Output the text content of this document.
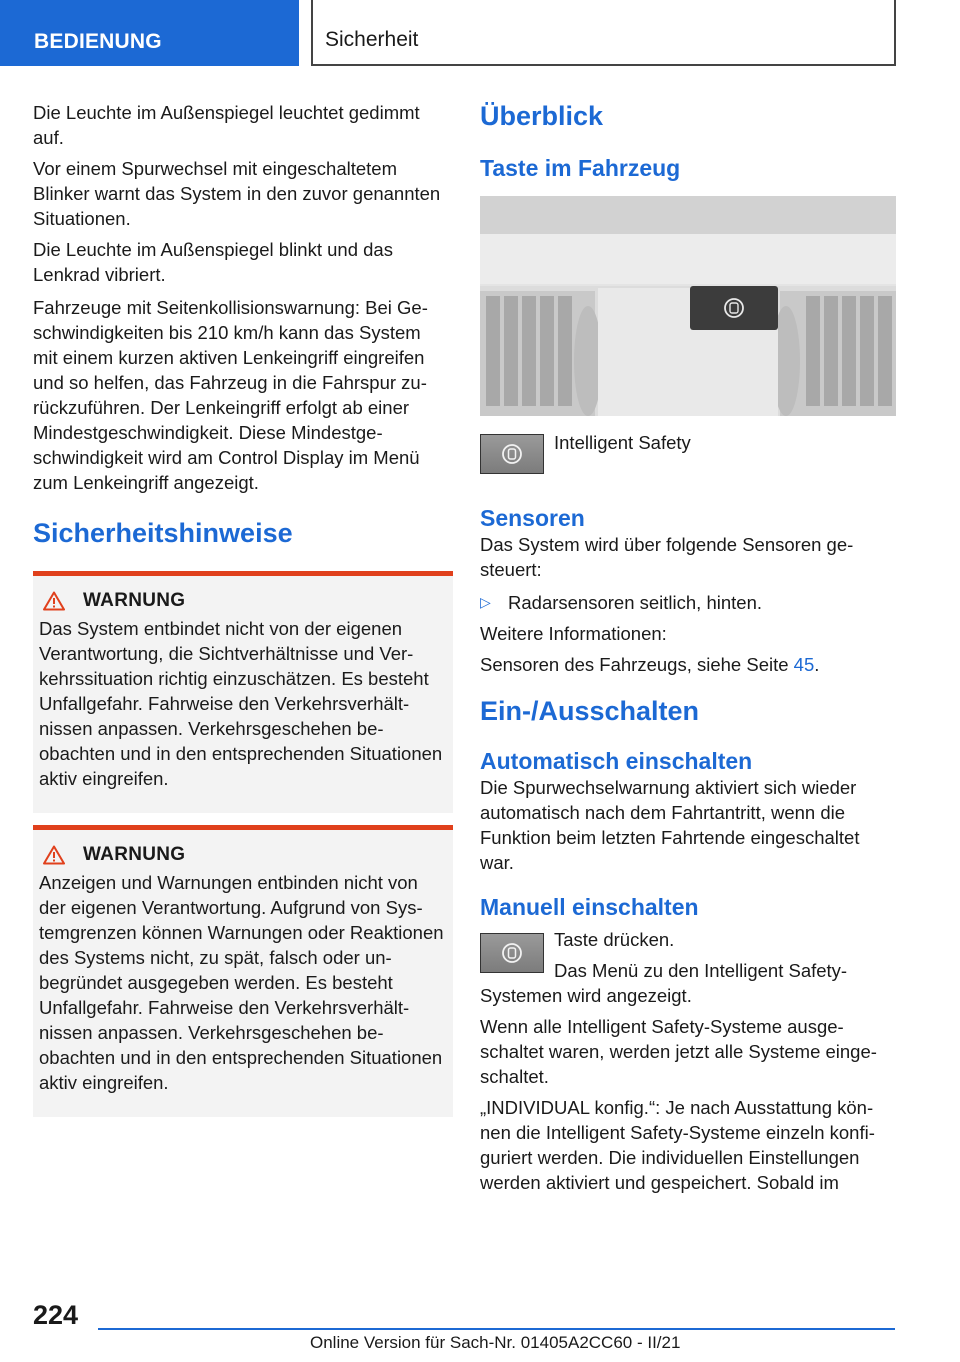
BEDIENUNG	Sicherheit

Die Leuchte im Außenspiegel leuchtet gedimmt auf.

Vor einem Spurwechsel mit eingeschaltetem Blinker warnt das System in den zuvor genannten Situationen.

Die Leuchte im Außenspiegel blinkt und das Lenkrad vibriert.

Fahrzeuge mit Seitenkollisionswarnung: Bei Geschwindigkeiten bis 210 km/h kann das System mit einem kurzen aktiven Lenkeingriff eingreifen und so helfen, das Fahrzeug in die Fahrspur zurückzuführen. Der Lenkeingriff erfolgt ab einer Mindestgeschwindigkeit. Diese Mindestgeschwindigkeit wird am Control Display im Menü zum Lenkeingriff angezeigt.

Sicherheitshinweise
WARNUNG

Das System entbindet nicht von der eigenen Verantwortung, die Sichtverhältnisse und Verkehrssituation richtig einzuschätzen. Es besteht Unfallgefahr. Fahrweise den Verkehrsverhältnissen anpassen. Verkehrsgeschehen beobachten und in den entsprechenden Situationen aktiv eingreifen.

WARNUNG

Anzeigen und Warnungen entbinden nicht von der eigenen Verantwortung. Aufgrund von Systemgrenzen können Warnungen oder Reaktionen des Systems nicht, zu spät, falsch oder unbegründet ausgegeben werden. Es besteht Unfallgefahr. Fahrweise den Verkehrsverhältnissen anpassen. Verkehrsgeschehen beobachten und in den entsprechenden Situationen aktiv eingreifen.

Überblick
Taste im Fahrzeug
Intelligent Safety
Sensoren

Das System wird über folgende Sensoren gesteuert:

▷ Radarsensoren seitlich, hinten.

Weitere Informationen:

Sensoren des Fahrzeugs, siehe Seite 45.

Ein-/Ausschalten
Automatisch einschalten

Die Spurwechselwarnung aktiviert sich wieder automatisch nach dem Fahrtantritt, wenn die Funktion beim letzten Fahrtende eingeschaltet war.

Manuell einschalten

Taste drücken.

Das Menü zu den Intelligent Safety-

Systemen wird angezeigt.

Wenn alle Intelligent Safety-Systeme ausgeschaltet waren, werden jetzt alle Systeme eingeschaltet.

„INDIVIDUAL konfig.“: Je nach Ausstattung können die Intelligent Safety-Systeme einzeln konfiguriert werden. Die individuellen Einstellungen werden aktiviert und gespeichert. Sobald im

224
Online Version für Sach-Nr. 01405A2CC60 - II/21
